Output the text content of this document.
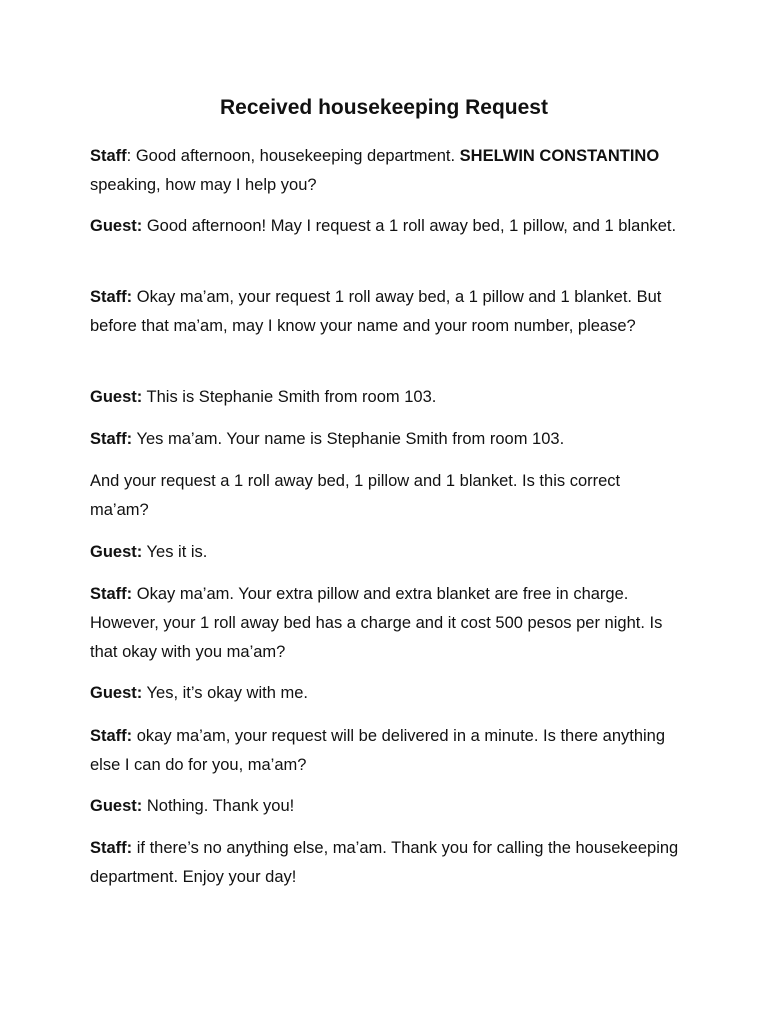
Received housekeeping Request

Staff: Good afternoon, housekeeping department. SHELWIN CONSTANTINO speaking, how may I help you?

Guest: Good afternoon! May I request a 1 roll away bed, 1 pillow, and 1 blanket.

Staff: Okay ma’am, your request 1 roll away bed, a 1 pillow and 1 blanket. But before that ma’am, may I know your name and your room number, please?

Guest: This is Stephanie Smith from room 103.

Staff: Yes ma’am. Your name is Stephanie Smith from room 103.

And your request a 1 roll away bed, 1 pillow and 1 blanket. Is this correct ma’am?

Guest: Yes it is.

Staff: Okay ma’am. Your extra pillow and extra blanket are free in charge. However, your 1 roll away bed has a charge and it cost 500 pesos per night. Is that okay with you ma’am?

Guest: Yes, it’s okay with me.

Staff: okay ma’am, your request will be delivered in a minute. Is there anything else I can do for you, ma’am?

Guest: Nothing. Thank you!

Staff: if there’s no anything else, ma’am. Thank you for calling the housekeeping department. Enjoy your day!
